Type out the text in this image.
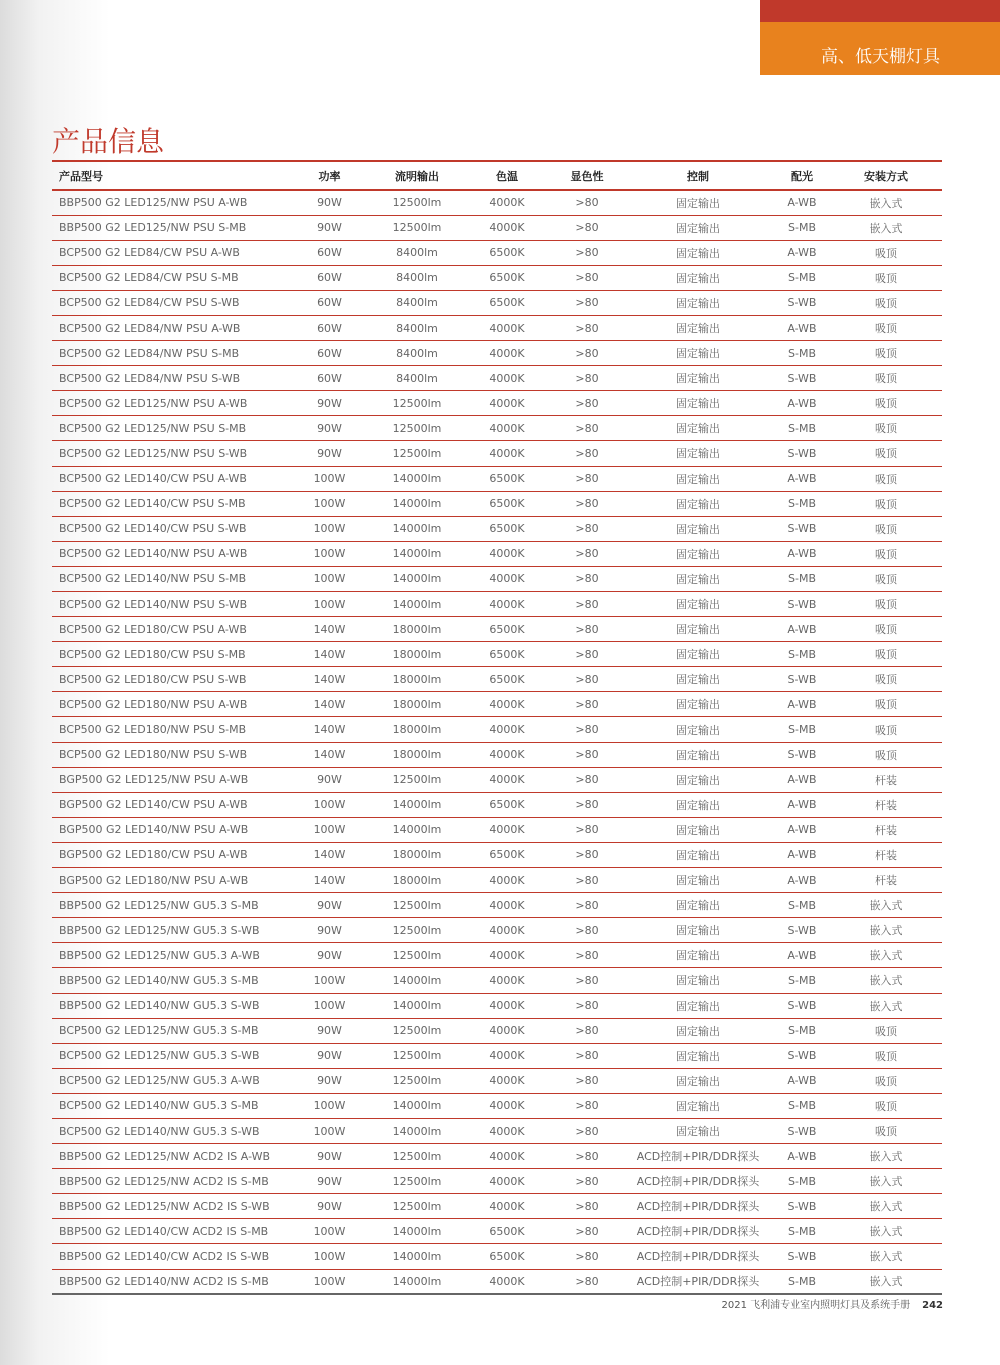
高、低天棚灯具
产品信息
产品型号	功率	流明输出	色温	显色性	控制	配光	安装方式
BBP500 G2 LED125/NW PSU A-WB	90W	12500lm	4000K	>80	固定输出	A-WB	嵌入式
BBP500 G2 LED125/NW PSU S-MB	90W	12500lm	4000K	>80	固定输出	S-MB	嵌入式
BCP500 G2 LED84/CW PSU A-WB	60W	8400lm	6500K	>80	固定输出	A-WB	吸顶
BCP500 G2 LED84/CW PSU S-MB	60W	8400lm	6500K	>80	固定输出	S-MB	吸顶
BCP500 G2 LED84/CW PSU S-WB	60W	8400lm	6500K	>80	固定输出	S-WB	吸顶
BCP500 G2 LED84/NW PSU A-WB	60W	8400lm	4000K	>80	固定输出	A-WB	吸顶
BCP500 G2 LED84/NW PSU S-MB	60W	8400lm	4000K	>80	固定输出	S-MB	吸顶
BCP500 G2 LED84/NW PSU S-WB	60W	8400lm	4000K	>80	固定输出	S-WB	吸顶
BCP500 G2 LED125/NW PSU A-WB	90W	12500lm	4000K	>80	固定输出	A-WB	吸顶
BCP500 G2 LED125/NW PSU S-MB	90W	12500lm	4000K	>80	固定输出	S-MB	吸顶
BCP500 G2 LED125/NW PSU S-WB	90W	12500lm	4000K	>80	固定输出	S-WB	吸顶
BCP500 G2 LED140/CW PSU A-WB	100W	14000lm	6500K	>80	固定输出	A-WB	吸顶
BCP500 G2 LED140/CW PSU S-MB	100W	14000lm	6500K	>80	固定输出	S-MB	吸顶
BCP500 G2 LED140/CW PSU S-WB	100W	14000lm	6500K	>80	固定输出	S-WB	吸顶
BCP500 G2 LED140/NW PSU A-WB	100W	14000lm	4000K	>80	固定输出	A-WB	吸顶
BCP500 G2 LED140/NW PSU S-MB	100W	14000lm	4000K	>80	固定输出	S-MB	吸顶
BCP500 G2 LED140/NW PSU S-WB	100W	14000lm	4000K	>80	固定输出	S-WB	吸顶
BCP500 G2 LED180/CW PSU A-WB	140W	18000lm	6500K	>80	固定输出	A-WB	吸顶
BCP500 G2 LED180/CW PSU S-MB	140W	18000lm	6500K	>80	固定输出	S-MB	吸顶
BCP500 G2 LED180/CW PSU S-WB	140W	18000lm	6500K	>80	固定输出	S-WB	吸顶
BCP500 G2 LED180/NW PSU A-WB	140W	18000lm	4000K	>80	固定输出	A-WB	吸顶
BCP500 G2 LED180/NW PSU S-MB	140W	18000lm	4000K	>80	固定输出	S-MB	吸顶
BCP500 G2 LED180/NW PSU S-WB	140W	18000lm	4000K	>80	固定输出	S-WB	吸顶
BGP500 G2 LED125/NW PSU A-WB	90W	12500lm	4000K	>80	固定输出	A-WB	杆装
BGP500 G2 LED140/CW PSU A-WB	100W	14000lm	6500K	>80	固定输出	A-WB	杆装
BGP500 G2 LED140/NW PSU A-WB	100W	14000lm	4000K	>80	固定输出	A-WB	杆装
BGP500 G2 LED180/CW PSU A-WB	140W	18000lm	6500K	>80	固定输出	A-WB	杆装
BGP500 G2 LED180/NW PSU A-WB	140W	18000lm	4000K	>80	固定输出	A-WB	杆装
BBP500 G2 LED125/NW GU5.3 S-MB	90W	12500lm	4000K	>80	固定输出	S-MB	嵌入式
BBP500 G2 LED125/NW GU5.3 S-WB	90W	12500lm	4000K	>80	固定输出	S-WB	嵌入式
BBP500 G2 LED125/NW GU5.3 A-WB	90W	12500lm	4000K	>80	固定输出	A-WB	嵌入式
BBP500 G2 LED140/NW GU5.3 S-MB	100W	14000lm	4000K	>80	固定输出	S-MB	嵌入式
BBP500 G2 LED140/NW GU5.3 S-WB	100W	14000lm	4000K	>80	固定输出	S-WB	嵌入式
BCP500 G2 LED125/NW GU5.3 S-MB	90W	12500lm	4000K	>80	固定输出	S-MB	吸顶
BCP500 G2 LED125/NW GU5.3 S-WB	90W	12500lm	4000K	>80	固定输出	S-WB	吸顶
BCP500 G2 LED125/NW GU5.3 A-WB	90W	12500lm	4000K	>80	固定输出	A-WB	吸顶
BCP500 G2 LED140/NW GU5.3 S-MB	100W	14000lm	4000K	>80	固定输出	S-MB	吸顶
BCP500 G2 LED140/NW GU5.3 S-WB	100W	14000lm	4000K	>80	固定输出	S-WB	吸顶
BBP500 G2 LED125/NW ACD2 IS A-WB	90W	12500lm	4000K	>80	ACD控制+PIR/DDR探头	A-WB	嵌入式
BBP500 G2 LED125/NW ACD2 IS S-MB	90W	12500lm	4000K	>80	ACD控制+PIR/DDR探头	S-MB	嵌入式
BBP500 G2 LED125/NW ACD2 IS S-WB	90W	12500lm	4000K	>80	ACD控制+PIR/DDR探头	S-WB	嵌入式
BBP500 G2 LED140/CW ACD2 IS S-MB	100W	14000lm	6500K	>80	ACD控制+PIR/DDR探头	S-MB	嵌入式
BBP500 G2 LED140/CW ACD2 IS S-WB	100W	14000lm	6500K	>80	ACD控制+PIR/DDR探头	S-WB	嵌入式
BBP500 G2 LED140/NW ACD2 IS S-MB	100W	14000lm	4000K	>80	ACD控制+PIR/DDR探头	S-MB	嵌入式
2021 飞利浦专业室内照明灯具及系统手册 242
